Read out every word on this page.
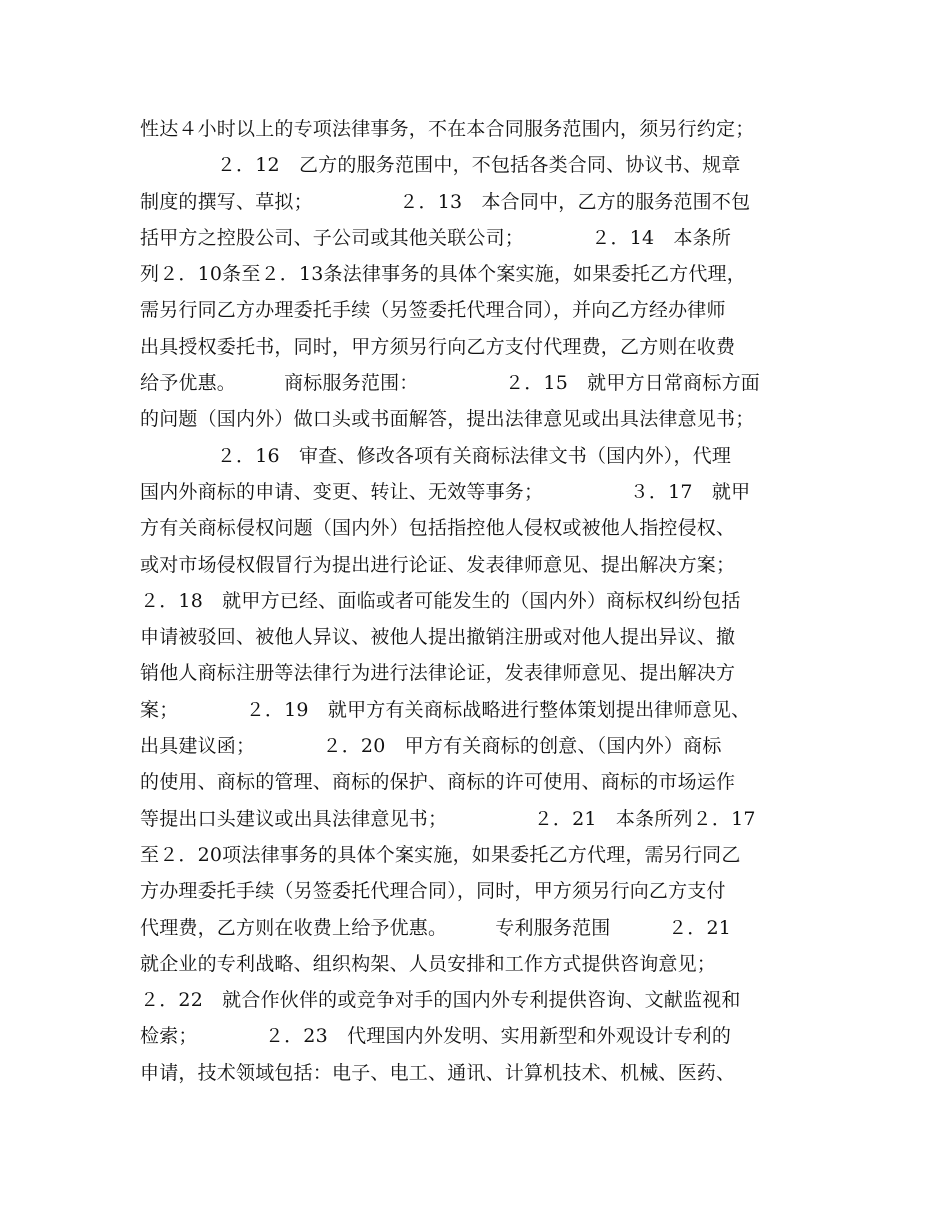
性达４小时以上的专项法律事务，不在本合同服务范围内，须另行约定；
　　　　２．12　乙方的服务范围中，不包括各类合同、协议书、规章
制度的撰写、草拟；　　　　　２．13　本合同中，乙方的服务范围不包
括甲方之控股公司、子公司或其他关联公司；　　　　２．14　本条所
列２．10条至２．13条法律事务的具体个案实施，如果委托乙方代理，
需另行同乙方办理委托手续（另签委托代理合同），并向乙方经办律师
出具授权委托书，同时，甲方须另行向乙方支付代理费，乙方则在收费
给予优惠。　　　商标服务范围：　　　　　２．15　就甲方日常商标方面
的问题（国内外）做口头或书面解答，提出法律意见或出具法律意见书；
　　　　２．16　审查、修改各项有关商标法律文书（国内外），代理
国内外商标的申请、变更、转让、无效等事务；　　　　　３．17　就甲
方有关商标侵权问题（国内外）包括指控他人侵权或被他人指控侵权、
或对市场侵权假冒行为提出进行论证、发表律师意见、提出解决方案；
２．18　就甲方已经、面临或者可能发生的（国内外）商标权纠纷包括
申请被驳回、被他人异议、被他人提出撤销注册或对他人提出异议、撤
销他人商标注册等法律行为进行法律论证，发表律师意见、提出解决方
案；　　　　２．19　就甲方有关商标战略进行整体策划提出律师意见、
出具建议函；　　　　２．20　甲方有关商标的创意、（国内外）商标
的使用、商标的管理、商标的保护、商标的许可使用、商标的市场运作
等提出口头建议或出具法律意见书；　　　　　２．21　本条所列２．17
至２．20项法律事务的具体个案实施，如果委托乙方代理，需另行同乙
方办理委托手续（另签委托代理合同），同时，甲方须另行向乙方支付
代理费，乙方则在收费上给予优惠。　　　专利服务范围　　　２．21
就企业的专利战略、组织构架、人员安排和工作方式提供咨询意见；
２．22　就合作伙伴的或竞争对手的国内外专利提供咨询、文献监视和
检索；　　　　２．23　代理国内外发明、实用新型和外观设计专利的
申请，技术领域包括：电子、电工、通讯、计算机技术、机械、医药、
